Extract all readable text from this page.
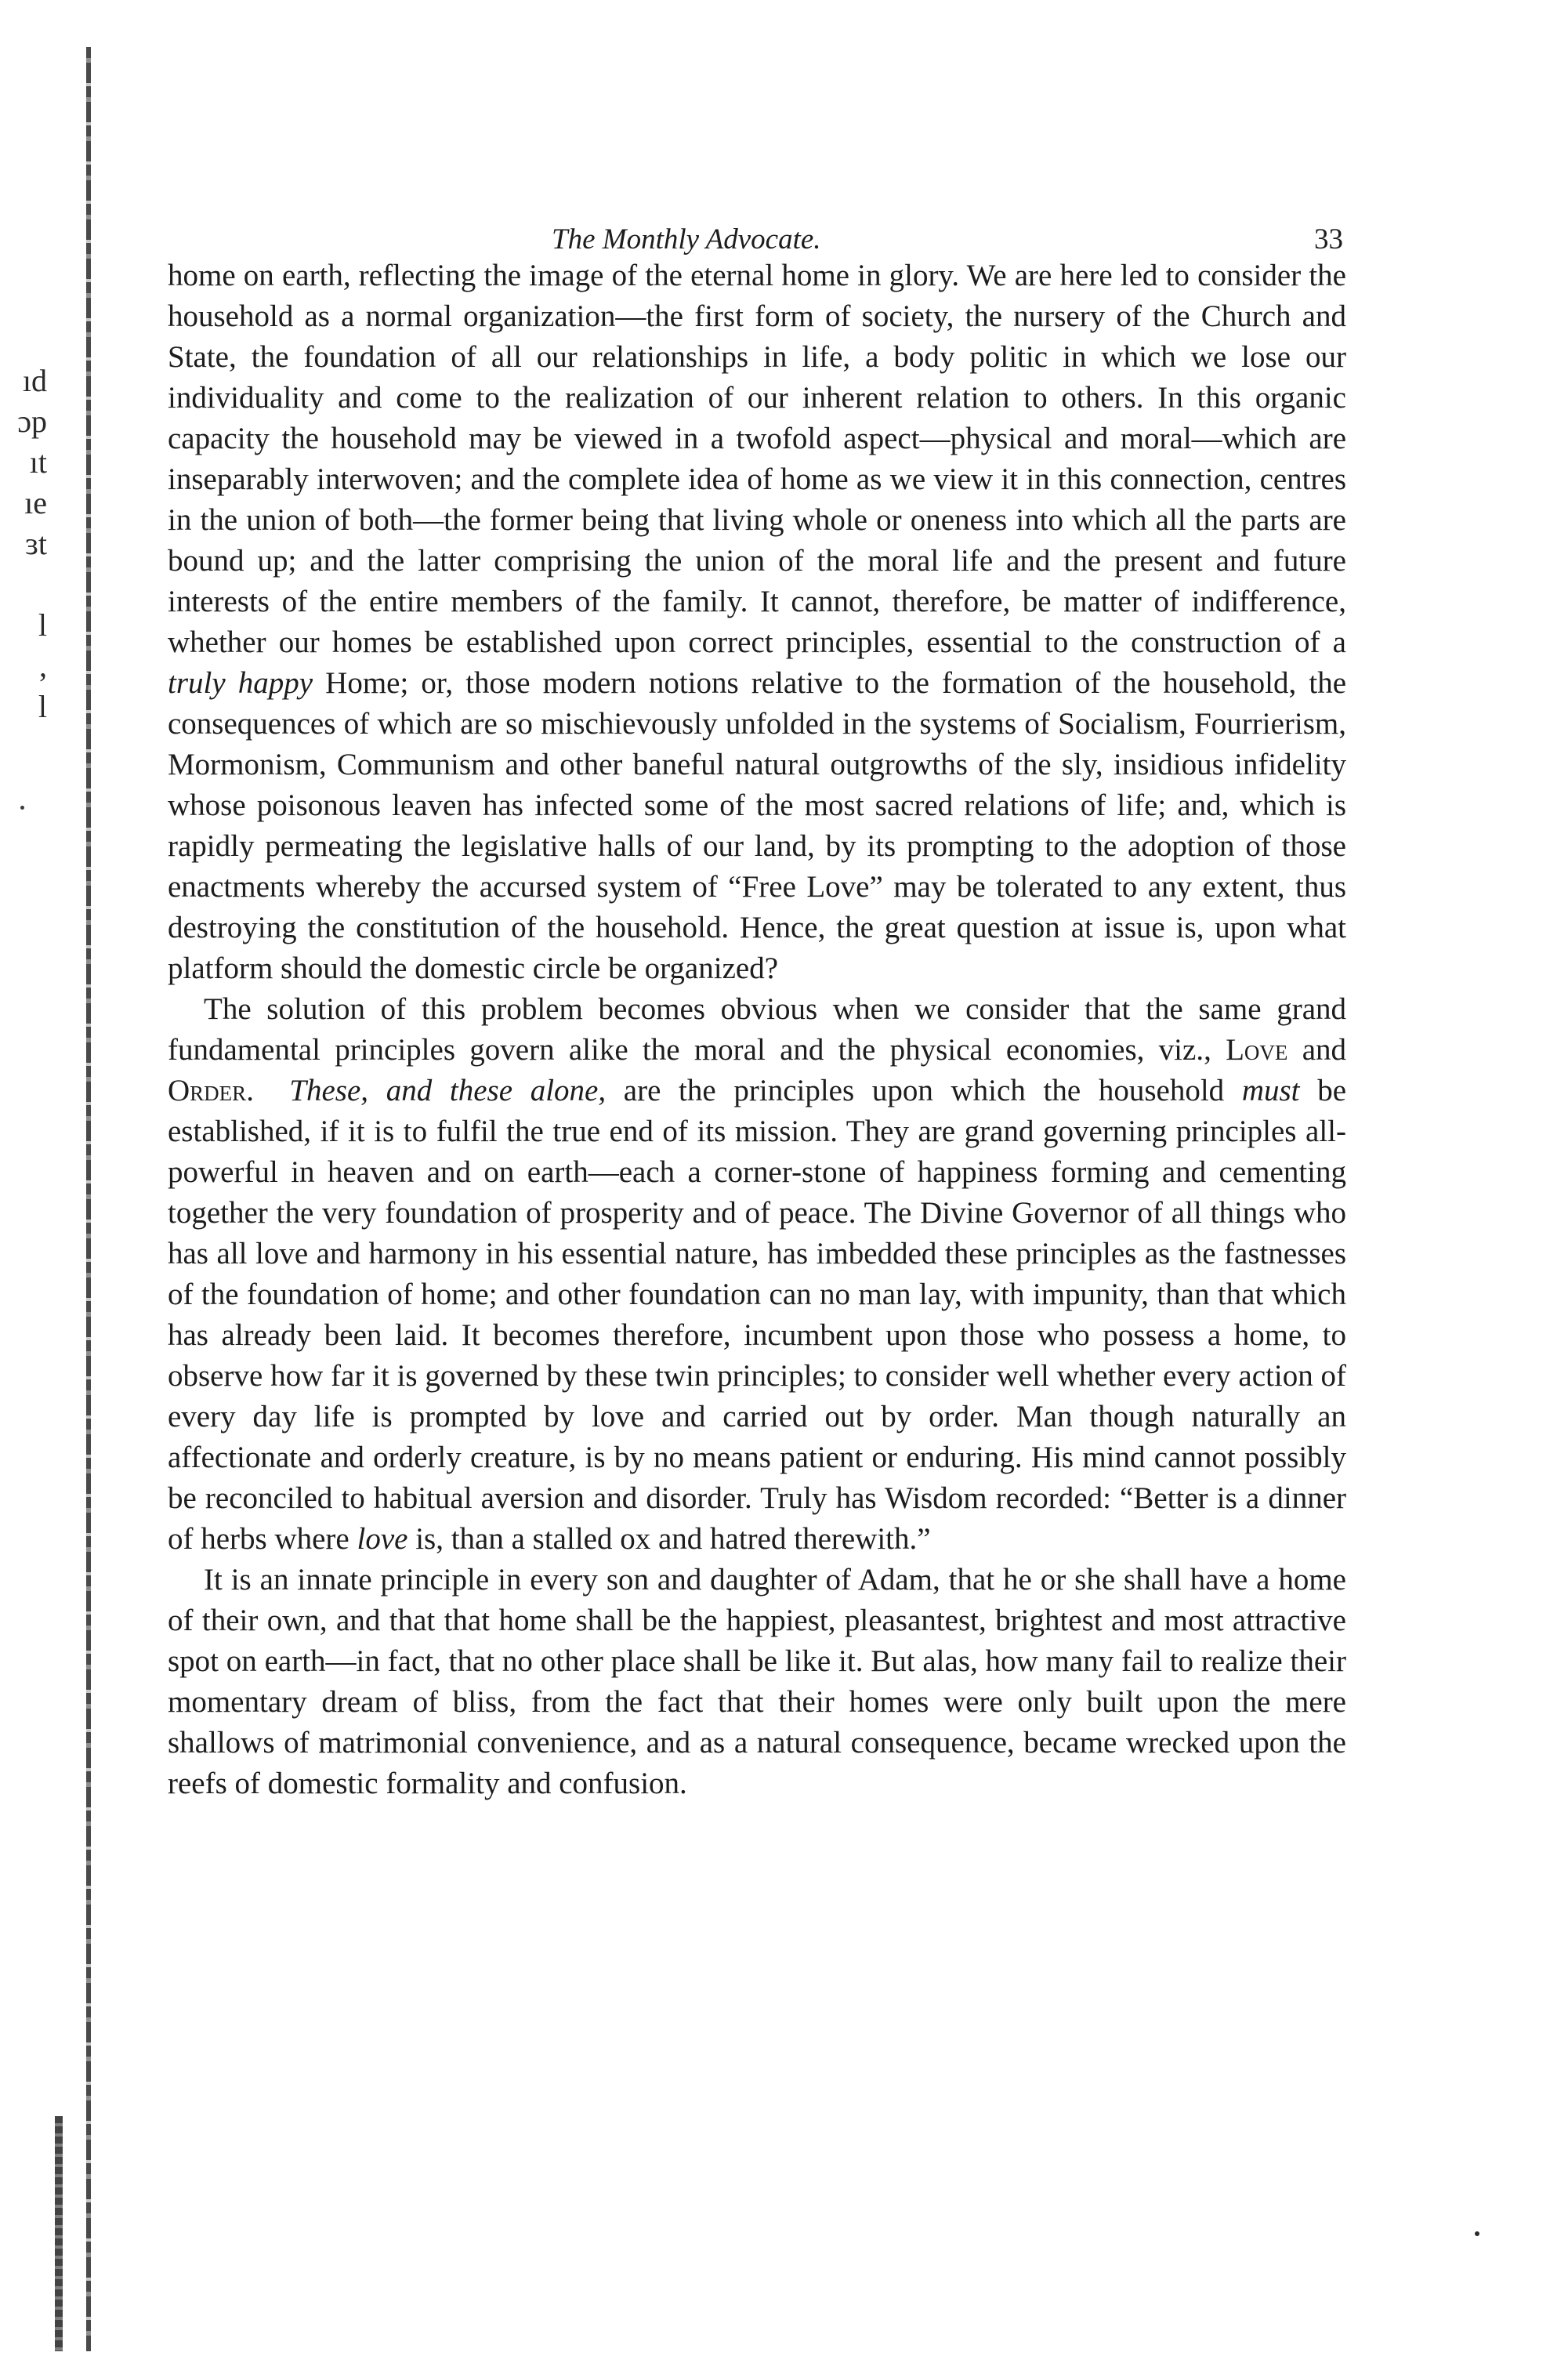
ıd
ɔp
ıt
ıe
ɜt
l
,
l
The Monthly Advocate.	33

home on earth, reflecting the image of the eternal home in glory. We are here led to consider the household as a normal organization—the first form of society, the nursery of the Church and State, the foundation of all our relationships in life, a body politic in which we lose our individuality and come to the realization of our inherent relation to others. In this organic capacity the household may be viewed in a twofold aspect—physical and moral—which are inseparably interwoven; and the complete idea of home as we view it in this connection, centres in the union of both—the former being that living whole or oneness into which all the parts are bound up; and the latter comprising the union of the moral life and the present and future interests of the entire members of the family. It cannot, therefore, be matter of indifference, whether our homes be established upon correct principles, essential to the construction of a truly happy Home; or, those modern notions relative to the formation of the household, the consequences of which are so mischievously unfolded in the systems of Socialism, Fourrierism, Mormonism, Communism and other baneful natural outgrowths of the sly, insidious infidelity whose poisonous leaven has infected some of the most sacred relations of life; and, which is rapidly permeating the legislative halls of our land, by its prompting to the adoption of those enactments whereby the accursed system of “Free Love” may be tolerated to any extent, thus destroying the constitution of the household. Hence, the great question at issue is, upon what platform should the domestic circle be organized?

The solution of this problem becomes obvious when we consider that the same grand fundamental principles govern alike the moral and the physical economies, viz., Love and Order. These, and these alone, are the principles upon which the household must be established, if it is to fulfil the true end of its mission. They are grand governing principles all-powerful in heaven and on earth—each a corner-stone of happiness forming and cementing together the very foundation of prosperity and of peace. The Divine Governor of all things who has all love and harmony in his essential nature, has imbedded these principles as the fastnesses of the foundation of home; and other foundation can no man lay, with impunity, than that which has already been laid. It becomes therefore, incumbent upon those who possess a home, to observe how far it is governed by these twin principles; to consider well whether every action of every day life is prompted by love and carried out by order. Man though naturally an affectionate and orderly creature, is by no means patient or enduring. His mind cannot possibly be reconciled to habitual aversion and disorder. Truly has Wisdom recorded: “Better is a dinner of herbs where love is, than a stalled ox and hatred therewith.”

It is an innate principle in every son and daughter of Adam, that he or she shall have a home of their own, and that that home shall be the happiest, pleasantest, brightest and most attractive spot on earth—in fact, that no other place shall be like it. But alas, how many fail to realize their momentary dream of bliss, from the fact that their homes were only built upon the mere shallows of matrimonial convenience, and as a natural consequence, became wrecked upon the reefs of domestic formality and confusion.
